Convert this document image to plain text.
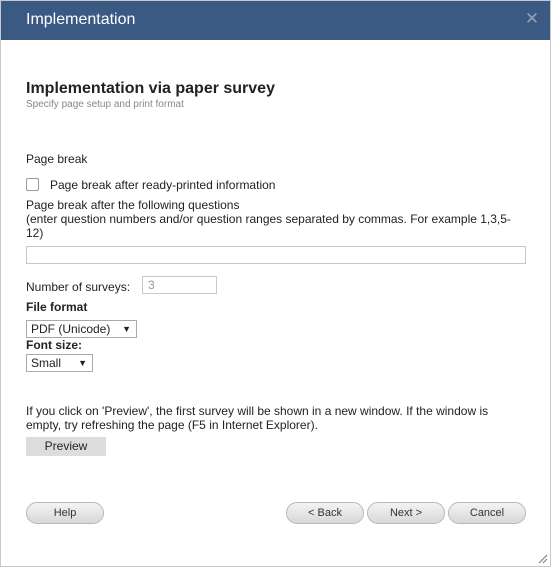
Implementation	✕
Implementation via paper survey
Specify page setup and print format
Page break
Page break after ready-printed information
Page break after the following questions
(enter question numbers and/or question ranges separated by commas. For example 1,3,5-
12)
Number of surveys:	3
File format
PDF (Unicode) ▼
Font size:
Small ▼
If you click on 'Preview', the first survey will be shown in a new window. If the window is
empty, try refreshing the page (F5 in Internet Explorer).
Preview
Help	< Back	Next >	Cancel
